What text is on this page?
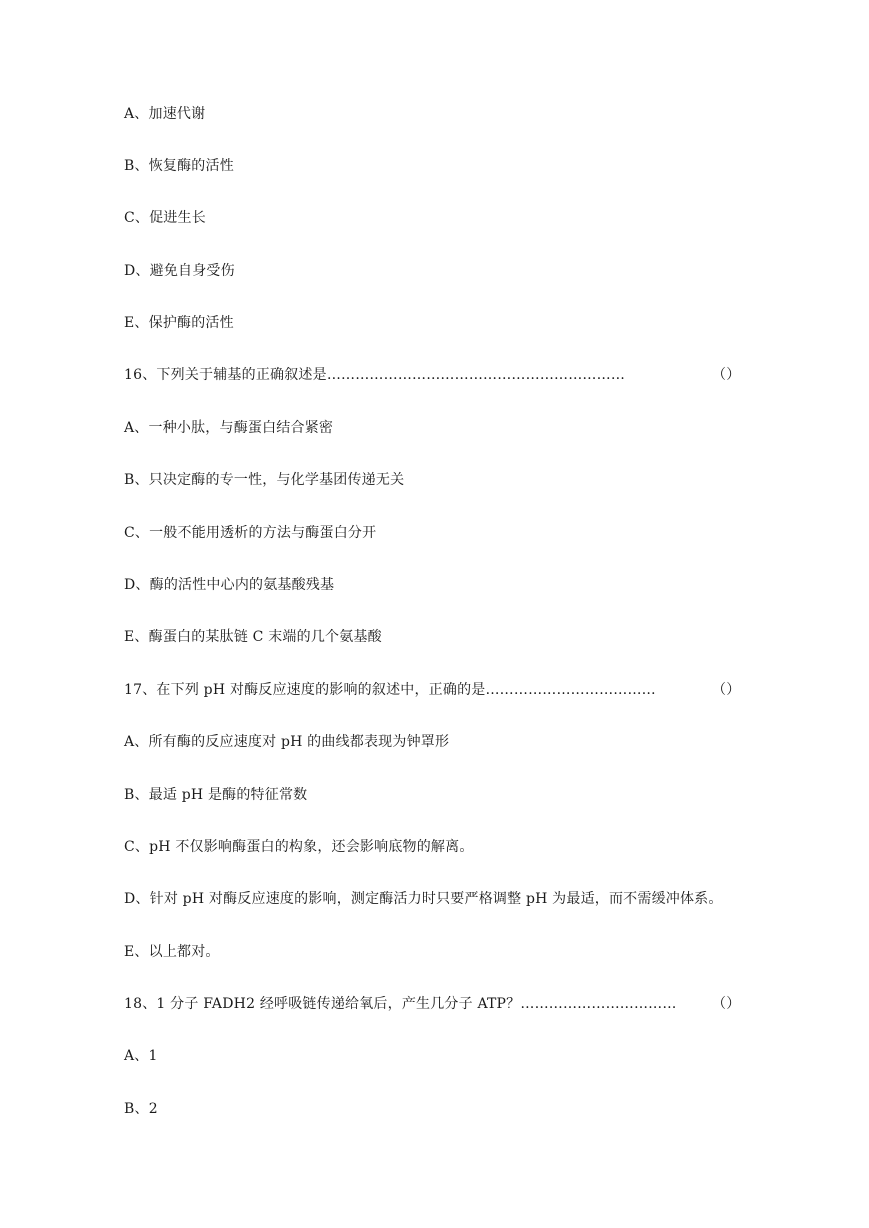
A、加速代谢
B、恢复酶的活性
C、促进生长
D、避免自身受伤
E、保护酶的活性
16、下列关于辅基的正确叙述是………………………………………………………	（）
A、一种小肽，与酶蛋白结合紧密
B、只决定酶的专一性，与化学基团传递无关
C、一般不能用透析的方法与酶蛋白分开
D、酶的活性中心内的氨基酸残基
E、酶蛋白的某肽链 C 末端的几个氨基酸
17、在下列 pH 对酶反应速度的影响的叙述中，正确的是………………………………	（）
A、所有酶的反应速度对 pH 的曲线都表现为钟罩形
B、最适 pH 是酶的特征常数
C、pH 不仅影响酶蛋白的构象，还会影响底物的解离。
D、针对 pH 对酶反应速度的影响，测定酶活力时只要严格调整 pH 为最适，而不需缓冲体系。
E、以上都对。
18、1 分子 FADH2 经呼吸链传递给氧后，产生几分子 ATP？……………………………	（）
A、1
B、2
